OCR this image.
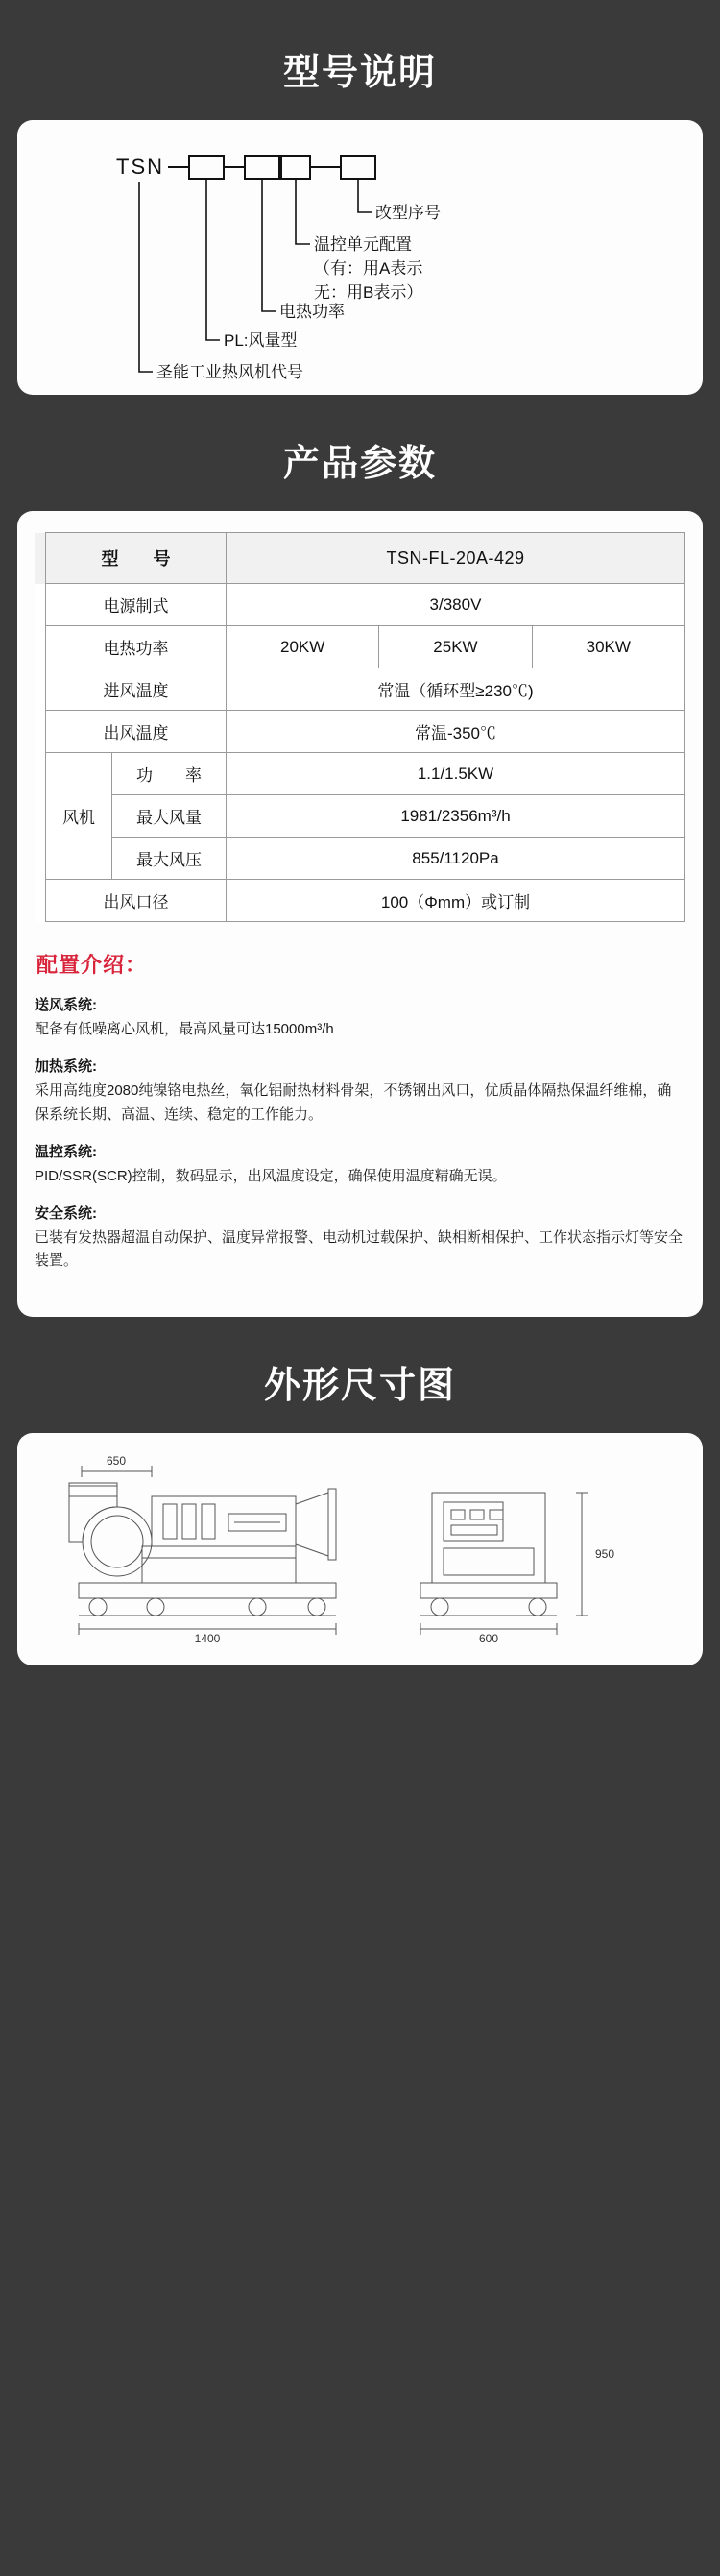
型号说明
TSN
改型序号
温控单元配置
（有：用A表示
无：用B表示）
电热功率
PL:风量型
圣能工业热风机代号
产品参数
	型　　号		TSN-FL-20A-429		
	电源制式		3/380V		
	电热功率		20KW	25KW	30KW
	进风温度		常温（循环型≥230℃)		
	出风温度		常温-350℃		
	风机	功　　率	1.1/1.5KW		
		最大风量	1981/2356m³/h		
		最大风压	855/1120Pa		
	出风口径		100（Φmm）或订制		
配置介绍：
送风系统:
配备有低噪离心风机，最高风量可达15000m³/h
加热系统:
采用高纯度2080纯镍铬电热丝，氧化铝耐热材料骨架，不锈钢出风口，优质晶体隔热保温纤维棉，确保系统长期、高温、连续、稳定的工作能力。
温控系统:
PID/SSR(SCR)控制，数码显示，出风温度设定，确保使用温度精确无误。
安全系统:
已装有发热器超温自动保护、温度异常报警、电动机过载保护、缺相断相保护、工作状态指示灯等安全装置。
外形尺寸图
650
1400
950
600
